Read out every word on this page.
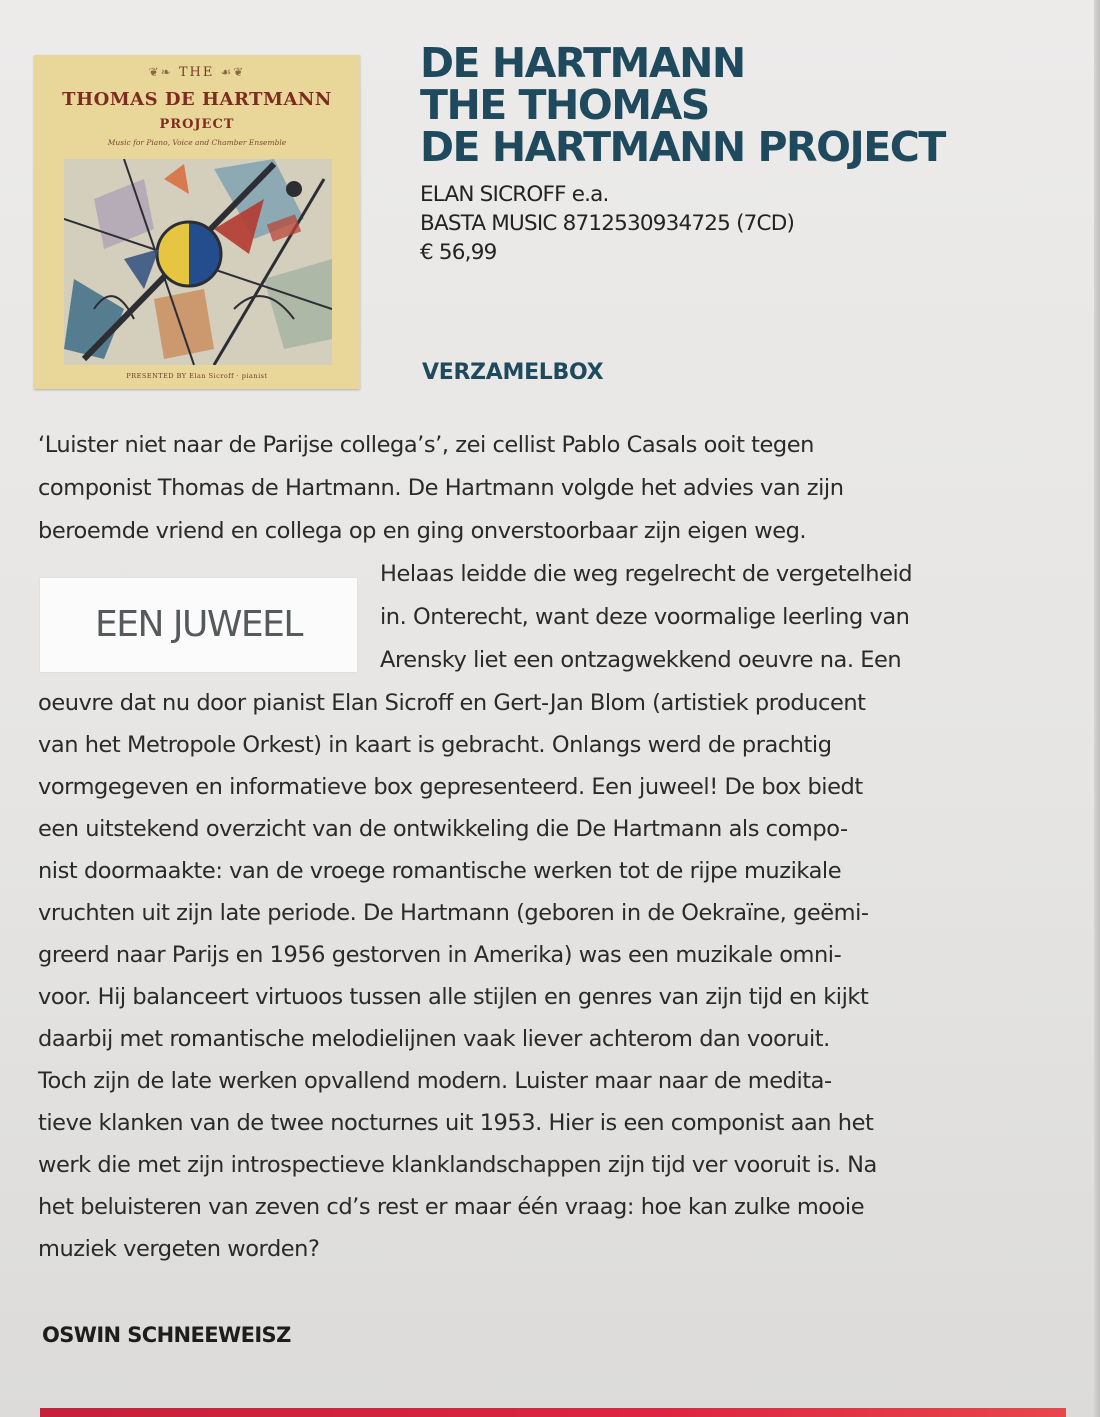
❦❧ THE ☙❦
THOMAS DE HARTMANN
PROJECT
Music for Piano, Voice and Chamber Ensemble
PRESENTED BY Elan Sicroff · pianist
DE HARTMANN
THE THOMAS
DE HARTMANN PROJECT
ELAN SICROFF e.a.
BASTA MUSIC 8712530934725 (7CD)
€ 56,99
VERZAMELBOX
EEN JUWEEL
‘Luister niet naar de Parijse collega’s’, zei cellist Pablo Casals ooit tegen
componist Thomas de Hartmann. De Hartmann volgde het advies van zijn
beroemde vriend en collega op en ging onverstoorbaar zijn eigen weg.
Helaas leidde die weg regelrecht de vergetelheid
in. Onterecht, want deze voormalige leerling van
Arensky liet een ontzagwekkend oeuvre na. Een
oeuvre dat nu door pianist Elan Sicroff en Gert-Jan Blom (artistiek producent
van het Metropole Orkest) in kaart is gebracht. Onlangs werd de prachtig
vormgegeven en informatieve box gepresenteerd. Een juweel! De box biedt
een uitstekend overzicht van de ontwikkeling die De Hartmann als compo-
nist doormaakte: van de vroege romantische werken tot de rijpe muzikale
vruchten uit zijn late periode. De Hartmann (geboren in de Oekraïne, geëmi-
greerd naar Parijs en 1956 gestorven in Amerika) was een muzikale omni-
voor. Hij balanceert virtuoos tussen alle stijlen en genres van zijn tijd en kijkt
daarbij met romantische melodielijnen vaak liever achterom dan vooruit.
Toch zijn de late werken opvallend modern. Luister maar naar de medita-
tieve klanken van de twee nocturnes uit 1953. Hier is een componist aan het
werk die met zijn introspectieve klanklandschappen zijn tijd ver vooruit is. Na
het beluisteren van zeven cd’s rest er maar één vraag: hoe kan zulke mooie
muziek vergeten worden?
OSWIN SCHNEEWEISZ
